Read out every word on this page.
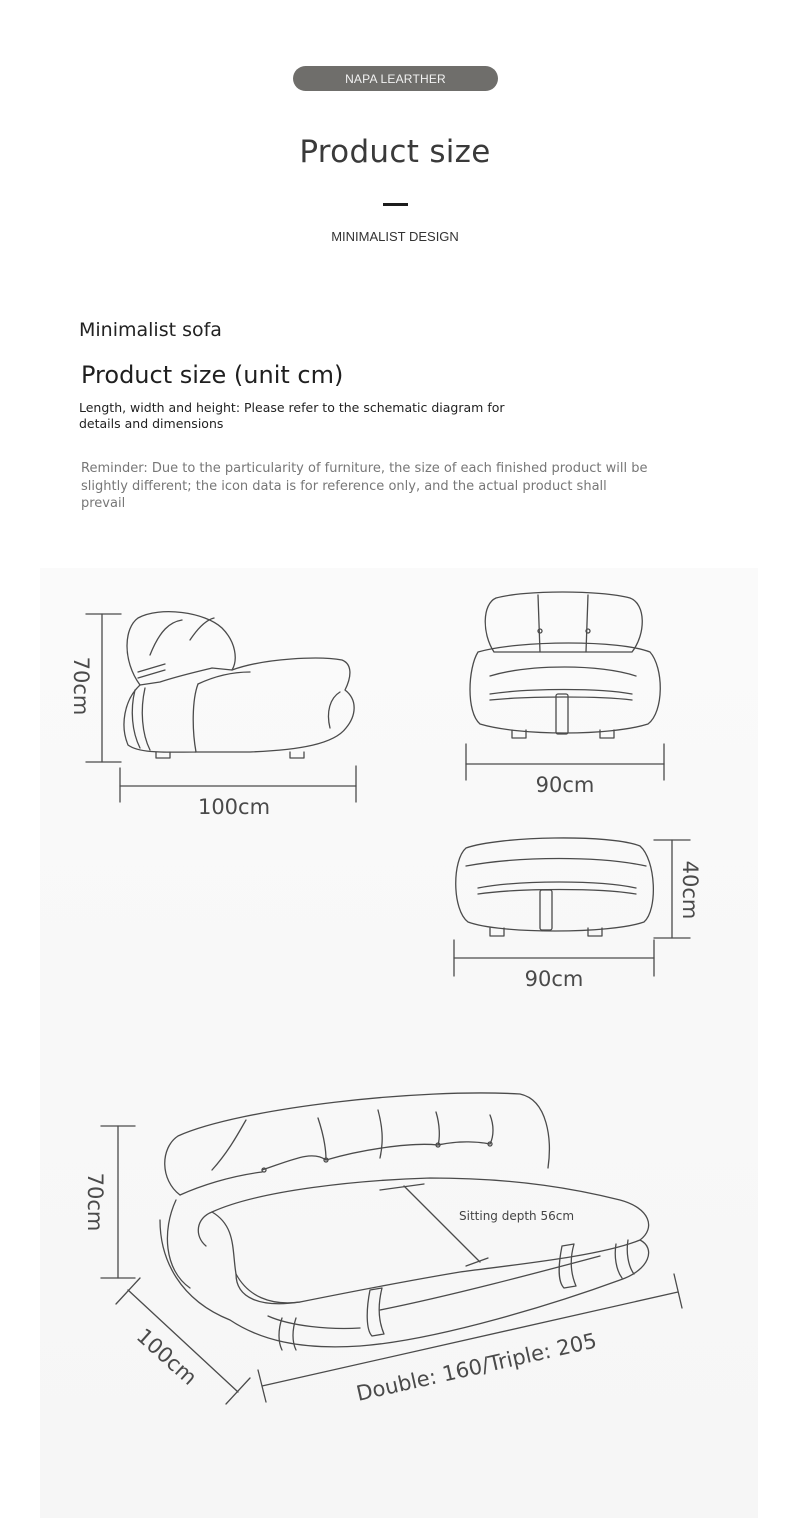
NAPA LEARTHER
Product size
MINIMALIST DESIGN
Minimalist sofa
Product size (unit cm)
Length, width and height: Please refer to the schematic diagram for details and dimensions
Reminder: Due to the particularity of furniture, the size of each finished product will be slightly different; the icon data is for reference only, and the actual product shall prevail
70cm
100cm
90cm
40cm
90cm
70cm
100cm	Double: 160/Triple: 205
Sitting depth 56cm
